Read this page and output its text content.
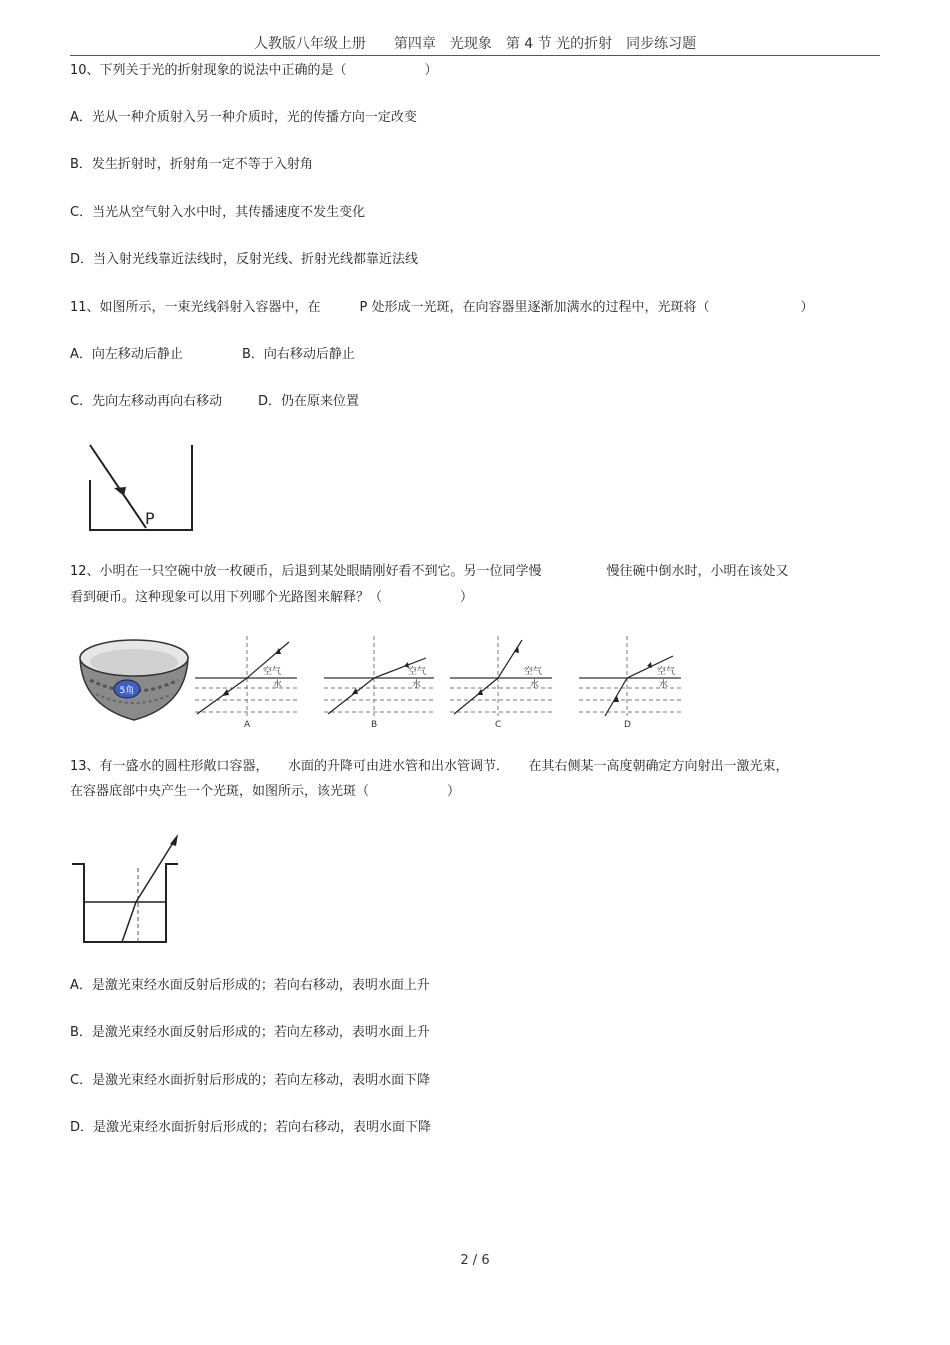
人教版八年级上册　　第四章　光现象　第 4 节 光的折射　同步练习题
10、下列关于光的折射现象的说法中正确的是（　　　　　　）
A．光从一种介质射入另一种介质时，光的传播方向一定改变
B．发生折射时，折射角一定不等于入射角
C．当光从空气射入水中时，其传播速度不发生变化
D．当入射光线靠近法线时，反射光线、折射光线都靠近法线
11、如图所示，一束光线斜射入容器中，在　　　P 处形成一光斑，在向容器里逐渐加满水的过程中，光斑将（　　　　　　　）
A．向左移动后静止	B．向右移动后静止
C．先向左移动再向右移动	D．仍在原来位置
P
12、小明在一只空碗中放一枚硬币，后退到某处眼睛刚好看不到它。另一位同学慢　　　　　慢往碗中倒水时，小明在该处又
看到硬币。这种现象可以用下列哪个光路图来解释？（　　　　　　）
5角
空气
水
A
空气
水
B
空气
水
C
空气
水
D
13、有一盛水的圆柱形敞口容器，　　水面的升降可由进水管和出水管调节．　　在其右侧某一高度朝确定方向射出一激光束，
在容器底部中央产生一个光斑，如图所示，该光斑（　　　　　　）
A．是激光束经水面反射后形成的；若向右移动，表明水面上升
B．是激光束经水面反射后形成的；若向左移动，表明水面上升
C．是激光束经水面折射后形成的；若向左移动，表明水面下降
D．是激光束经水面折射后形成的；若向右移动，表明水面下降
2 / 6
